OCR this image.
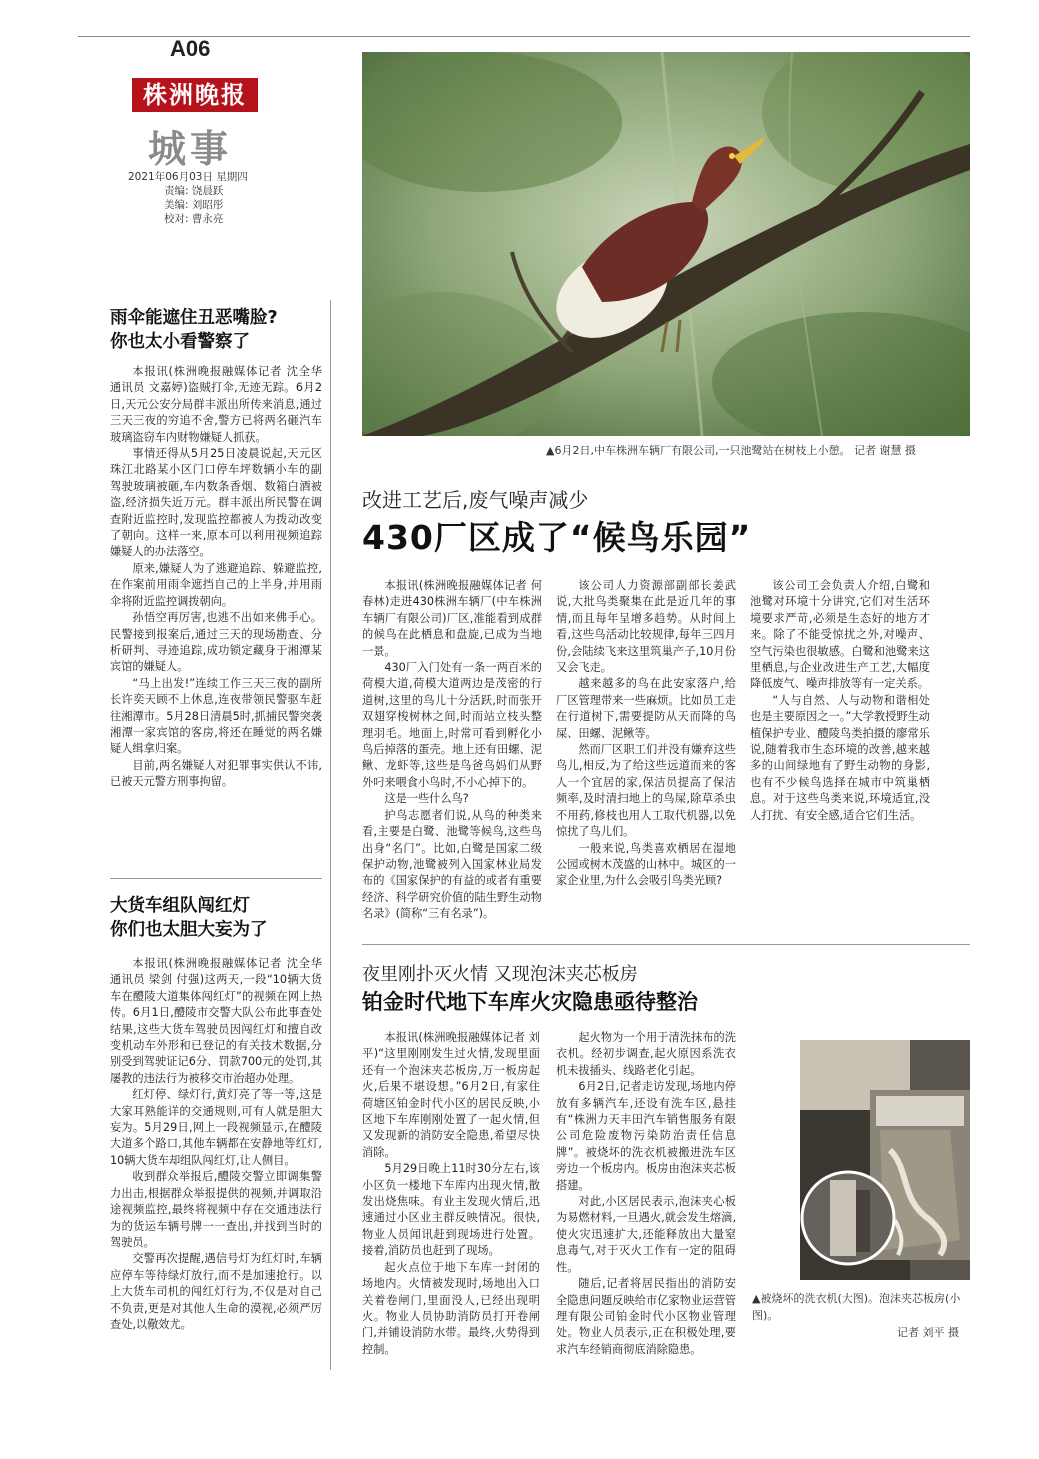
A06
株洲晚报
城事
2021年06月03日 星期四
责编: 饶晨跃
美编: 刘昭彤
校对: 曹永亮
▲6月2日,中车株洲车辆厂有限公司,一只池鹭站在树枝上小憩。 记者 谢慧 摄
改进工艺后,废气噪声减少
430厂区成了“候鸟乐园”

本报讯(株洲晚报融媒体记者 何春林)走进430株洲车辆厂(中车株洲车辆厂有限公司)厂区,准能看到成群的候鸟在此栖息和盘旋,已成为当地一景。

430厂入门处有一条一两百米的荷模大道,荷模大道两边是茂密的行道树,这里的鸟儿十分活跃,时而张开双翅穿梭树林之间,时而站立枝头整理羽毛。地面上,时常可看到孵化小鸟后掉落的蛋壳。地上还有田螺、泥鳅、龙虾等,这些是鸟爸鸟妈们从野外叼来喂食小鸟时,不小心掉下的。

这是一些什么鸟?

护鸟志愿者们说,从鸟的种类来看,主要是白鹭、池鹭等候鸟,这些鸟出身“名门”。比如,白鹭是国家二级保护动物,池鹭被列入国家林业局发布的《国家保护的有益的或者有重要经济、科学研究价值的陆生野生动物名录》(简称“三有名录”)。

该公司人力资源部副部长姜武说,大批鸟类聚集在此是近几年的事情,而且每年呈增多趋势。从时间上看,这些鸟活动比较规律,每年三四月份,会陆续飞来这里筑巢产子,10月份又会飞走。

越来越多的鸟在此安家落户,给厂区管理带来一些麻烦。比如员工走在行道树下,需要提防从天而降的鸟屎、田螺、泥鳅等。

然而厂区职工们并没有嫌弃这些鸟儿,相反,为了给这些远道而来的客人一个宜居的家,保洁员提高了保洁频率,及时清扫地上的鸟屎,除草杀虫不用药,修枝也用人工取代机器,以免惊扰了鸟儿们。

一般来说,鸟类喜欢栖居在湿地公园或树木茂盛的山林中。城区的一家企业里,为什么会吸引鸟类光顾?

该公司工会负责人介绍,白鹭和池鹭对环境十分讲究,它们对生活环境要求严苛,必须是生态好的地方才来。除了不能受惊扰之外,对噪声、空气污染也很敏感。白鹭和池鹭来这里栖息,与企业改进生产工艺,大幅度降低废气、噪声排放等有一定关系。

“人与自然、人与动物和谐相处也是主要原因之一。”大学教授野生动植保护专业、醴陵鸟类拍摄的廖常乐说,随着我市生态环境的改善,越来越多的山间绿地有了野生动物的身影,也有不少候鸟选择在城市中筑巢栖息。对于这些鸟类来说,环境适宜,没人打扰、有安全感,适合它们生活。

雨伞能遮住丑恶嘴脸?
你也太小看警察了

本报讯(株洲晚报融媒体记者 沈全华 通讯员 文嘉婷)盗贼打伞,无迹无踪。6月2日,天元公安分局群丰派出所传来消息,通过三天三夜的穷追不舍,警方已将两名砸汽车玻璃盗窃车内财物嫌疑人抓获。

事情还得从5月25日凌晨说起,天元区珠江北路某小区门口停车坪数辆小车的副驾驶玻璃被砸,车内数条香烟、数箱白酒被盗,经济损失近万元。群丰派出所民警在调查附近监控时,发现监控都被人为拨动改变了朝向。这样一来,原本可以利用视频追踪嫌疑人的办法落空。

原来,嫌疑人为了逃避追踪、躲避监控,在作案前用雨伞遮挡自己的上半身,并用雨伞将附近监控调拨朝向。

孙悟空再厉害,也逃不出如来佛手心。民警接到报案后,通过三天的现场勘查、分析研判、寻迹追踪,成功锁定藏身于湘潭某宾馆的嫌疑人。

“马上出发!”连续工作三天三夜的副所长许奕天顾不上休息,连夜带领民警驱车赶往湘潭市。5月28日清晨5时,抓捕民警突袭湘潭一家宾馆的客房,将还在睡觉的两名嫌疑人缉拿归案。

目前,两名嫌疑人对犯罪事实供认不讳,已被天元警方刑事拘留。

大货车组队闯红灯
你们也太胆大妄为了

本报讯(株洲晚报融媒体记者 沈全华 通讯员 梁剑 付强)这两天,一段“10辆大货车在醴陵大道集体闯红灯”的视频在网上热传。6月1日,醴陵市交警大队公布此事查处结果,这些大货车驾驶员因闯红灯和擅自改变机动车外形和已登记的有关技术数据,分别受到驾驶证记6分、罚款700元的处罚,其屡教的违法行为被移交市治超办处理。

红灯停、绿灯行,黄灯亮了等一等,这是大家耳熟能详的交通规则,可有人就是胆大妄为。5月29日,网上一段视频显示,在醴陵大道多个路口,其他车辆都在安静地等红灯,10辆大货车却组队闯红灯,让人侧目。

收到群众举报后,醴陵交警立即调集警力出击,根据群众举报提供的视频,并调取沿途视频监控,最终将视频中存在交通违法行为的货运车辆号牌一一查出,并找到当时的驾驶员。

交警再次提醒,遇信号灯为红灯时,车辆应停车等待绿灯放行,而不是加速抢行。以上大货车司机的闯红灯行为,不仅是对自己不负责,更是对其他人生命的漠视,必须严厉查处,以儆效尤。

夜里刚扑灭火情 又现泡沫夹芯板房
铂金时代地下车库火灾隐患亟待整治

本报讯(株洲晚报融媒体记者 刘平)“这里刚刚发生过火情,发现里面还有一个泡沫夹芯板房,万一板房起火,后果不堪设想。”6月2日,有家住荷塘区铂金时代小区的居民反映,小区地下车库刚刚处置了一起火情,但又发现新的消防安全隐患,希望尽快消除。

5月29日晚上11时30分左右,该小区负一楼地下车库内出现火情,散发出烧焦味。有业主发现火情后,迅速通过小区业主群反映情况。很快,物业人员闻讯赶到现场进行处置。接着,消防员也赶到了现场。

起火点位于地下车库一封闭的场地内。火情被发现时,场地出入口关着卷闸门,里面没人,已经出现明火。物业人员协助消防员打开卷闸门,并铺设消防水带。最终,火势得到控制。

起火物为一个用于清洗抹布的洗衣机。经初步调查,起火原因系洗衣机未拔插头、线路老化引起。

6月2日,记者走访发现,场地内停放有多辆汽车,还设有洗车区,悬挂有“株洲力天丰田汽车销售服务有限公司危险废物污染防治责任信息牌”。被烧坏的洗衣机被搬进洗车区旁边一个板房内。板房由泡沫夹芯板搭建。

对此,小区居民表示,泡沫夹心板为易燃材料,一旦遇火,就会发生熔滴,使火灾迅速扩大,还能释放出大量窒息毒气,对于灭火工作有一定的阻碍性。

随后,记者将居民指出的消防安全隐患问题反映给市亿家物业运营管理有限公司铂金时代小区物业管理处。物业人员表示,正在积极处理,要求汽车经销商彻底消除隐患。

▲被烧坏的洗衣机(大图)。泡沫夹芯板房(小图)。
记者 刘平 摄
